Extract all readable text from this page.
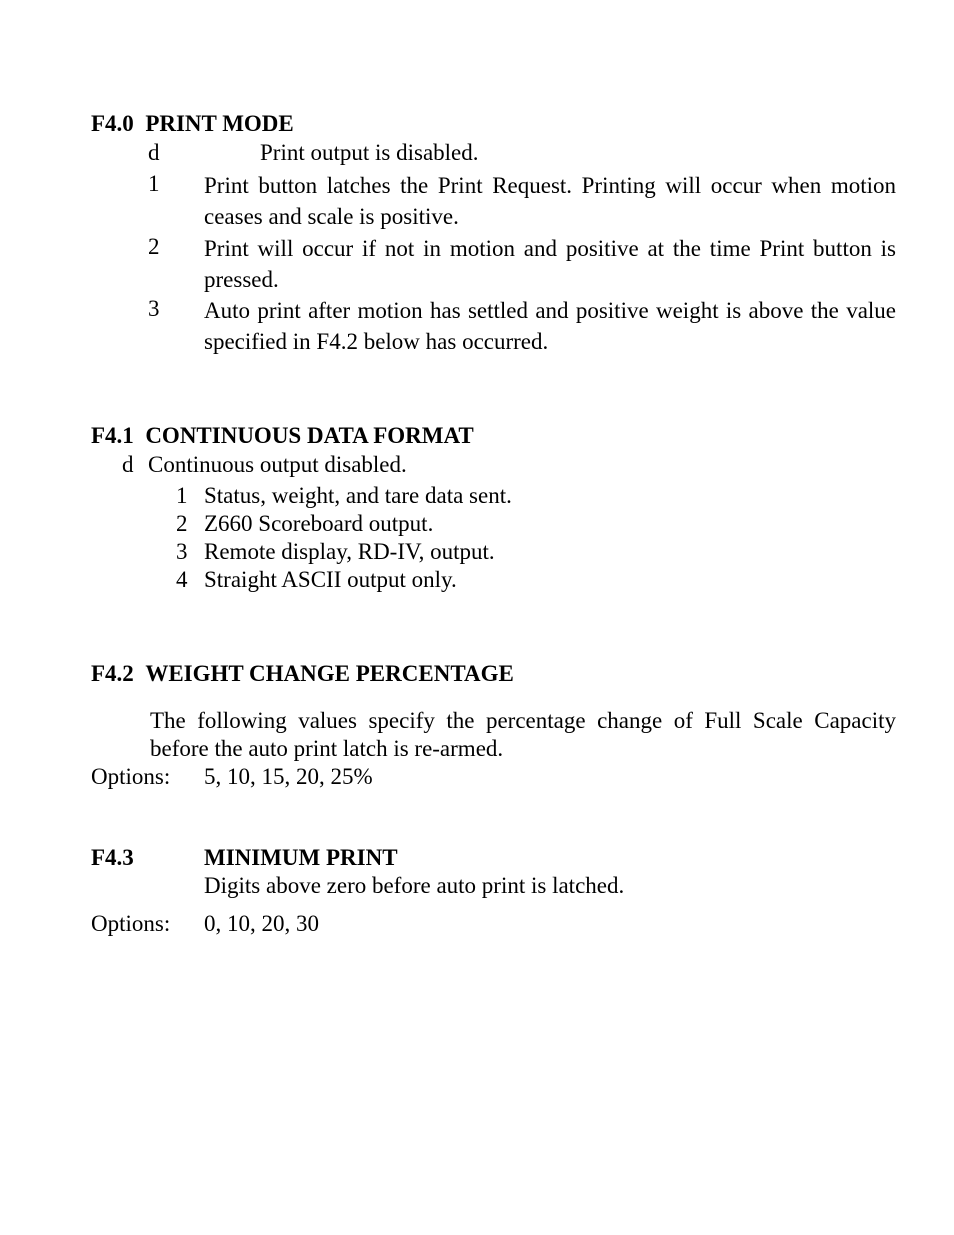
F4.0 PRINT MODE
d	Print output is disabled.
1 Print button latches the Print Request. Printing will occur when motion ceases and scale is positive.
2 Print will occur if not in motion and positive at the time Print button is pressed.
3 Auto print after motion has settled and positive weight is above the value specified in F4.2 below has occurred.
F4.1 CONTINUOUS DATA FORMAT
d Continuous output disabled.
1 Status, weight, and tare data sent.
2 Z660 Scoreboard output.
3 Remote display, RD-IV, output.
4 Straight ASCII output only.
F4.2 WEIGHT CHANGE PERCENTAGE
The following values specify the percentage change of Full Scale Capacity before the auto print latch is re-armed.
Options: 5, 10, 15, 20, 25%
F4.3	MINIMUM PRINT
Digits above zero before auto print is latched.
Options: 0, 10, 20, 30
